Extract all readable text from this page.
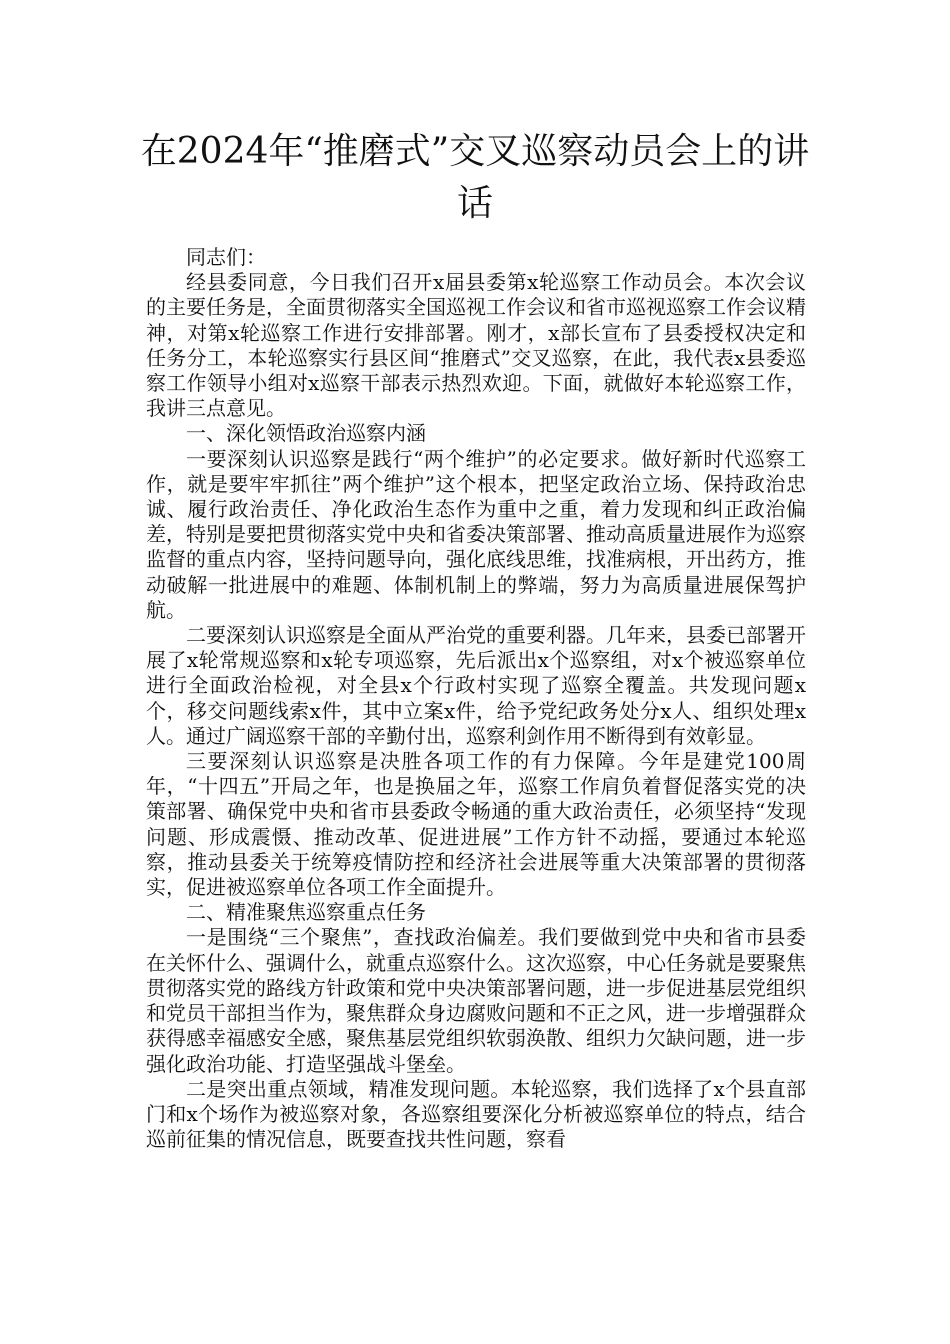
在2024年“推磨式”交叉巡察动员会上的讲话

同志们：

经县委同意，今日我们召开x届县委第x轮巡察工作动员会。本次会议的主要任务是，全面贯彻落实全国巡视工作会议和省市巡视巡察工作会议精神，对第x轮巡察工作进行安排部署。刚才，x部长宣布了县委授权决定和任务分工，本轮巡察实行县区间“推磨式”交叉巡察，在此，我代表x县委巡察工作领导小组对x巡察干部表示热烈欢迎。下面，就做好本轮巡察工作，我讲三点意见。

一、深化领悟政治巡察内涵

一要深刻认识巡察是践行“两个维护”的必定要求。做好新时代巡察工作，就是要牢牢抓往”两个维护”这个根本，把坚定政治立场、保持政治忠诚、履行政治责任、净化政治生态作为重中之重，着力发现和纠正政治偏差，特别是要把贯彻落实党中央和省委决策部署、推动高质量进展作为巡察监督的重点内容，坚持问题导向，强化底线思维，找准病根，开出药方，推动破解一批进展中的难题、体制机制上的弊端，努力为高质量进展保驾护航。

二要深刻认识巡察是全面从严治党的重要利器。几年来，县委已部署开展了x轮常规巡察和x轮专项巡察，先后派出x个巡察组，对x个被巡察单位进行全面政治检视，对全县x个行政村实现了巡察全覆盖。共发现问题x个，移交问题线索x件，其中立案x件，给予党纪政务处分x人、组织处理x人。通过广阔巡察干部的辛勤付出，巡察利剑作用不断得到有效彰显。

三要深刻认识巡察是决胜各项工作的有力保障。今年是建党100周年，“十四五”开局之年，也是换届之年，巡察工作肩负着督促落实党的决策部署、确保党中央和省市县委政令畅通的重大政治责任，必须坚持“发现问题、形成震慑、推动改革、促进进展”工作方针不动摇，要通过本轮巡察，推动县委关于统筹疫情防控和经济社会进展等重大决策部署的贯彻落实，促进被巡察单位各项工作全面提升。

二、精准聚焦巡察重点任务

一是围绕“三个聚焦”，查找政治偏差。我们要做到党中央和省市县委在关怀什么、强调什么，就重点巡察什么。这次巡察，中心任务就是要聚焦贯彻落实党的路线方针政策和党中央决策部署问题，进一步促进基层党组织和党员干部担当作为，聚焦群众身边腐败问题和不正之风，进一步增强群众获得感幸福感安全感，聚焦基层党组织软弱涣散、组织力欠缺问题，进一步强化政治功能、打造坚强战斗堡垒。

二是突出重点领域，精准发现问题。本轮巡察，我们选择了x个县直部门和x个场作为被巡察对象，各巡察组要深化分析被巡察单位的特点，结合巡前征集的情况信息，既要查找共性问题，察看
